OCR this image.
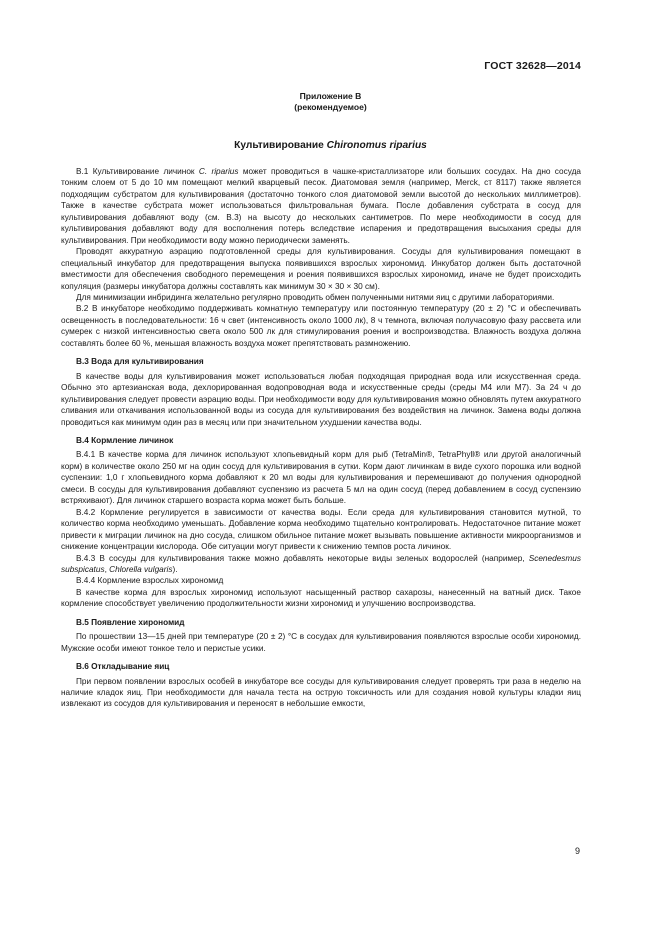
ГОСТ 32628—2014
Приложение В
(рекомендуемое)
Культивирование Chironomus riparius

В.1 Культивирование личинок C. riparius может проводиться в чашке-кристаллизаторе или больших сосудах. На дно сосуда тонким слоем от 5 до 10 мм помещают мелкий кварцевый песок. Диатомовая земля (например, Merck, ст 8117) также является подходящим субстратом для культивирования (достаточно тонкого слоя диатомовой земли высотой до нескольких миллиметров). Также в качестве субстрата может использоваться фильтровальная бумага. После добавления субстрата в сосуд для культивирования добавляют воду (см. В.3) на высоту до нескольких сантиметров. По мере необходимости в сосуд для культивирования добавляют воду для восполнения потерь вследствие испарения и предотвращения высыхания среды для культивирования. При необходимости воду можно периодически заменять.

Проводят аккуратную аэрацию подготовленной среды для культивирования. Сосуды для культивирования помещают в специальный инкубатор для предотвращения выпуска появившихся взрослых хирономид. Инкубатор должен быть достаточной вместимости для обеспечения свободного перемещения и роения появившихся взрослых хирономид, иначе не будет происходить копуляция (размеры инкубатора должны составлять как минимум 30 × 30 × 30 см).

Для минимизации инбридинга желательно регулярно проводить обмен полученными нитями яиц с другими лабораториями.

В.2 В инкубаторе необходимо поддерживать комнатную температуру или постоянную температуру (20 ± 2) °С и обеспечивать освещенность в последовательности: 16 ч свет (интенсивность около 1000 лк), 8 ч темнота, включая получасовую фазу рассвета или сумерек с низкой интенсивностью света около 500 лк для стимулирования роения и воспроизводства. Влажность воздуха должна составлять более 60 %, меньшая влажность воздуха может препятствовать размножению.

В.3 Вода для культивирования

В качестве воды для культивирования может использоваться любая подходящая природная вода или искусственная среда. Обычно это артезианская вода, дехлорированная водопроводная вода и искусственные среды (среды М4 или М7). За 24 ч до культивирования следует провести аэрацию воды. При необходимости воду для культивирования можно обновлять путем аккуратного сливания или откачивания использованной воды из сосуда для культивирования без воздействия на личинок. Замена воды должна проводиться как минимум один раз в месяц или при значительном ухудшении качества воды.

В.4 Кормление личинок

В.4.1 В качестве корма для личинок используют хлопьевидный корм для рыб (TetraMin®, TetraPhyll® или другой аналогичный корм) в количестве около 250 мг на один сосуд для культивирования в сутки. Корм дают личинкам в виде сухого порошка или водной суспензии: 1,0 г хлопьевидного корма добавляют к 20 мл воды для культивирования и перемешивают до получения однородной смеси. В сосуды для культивирования добавляют суспензию из расчета 5 мл на один сосуд (перед добавлением в сосуд суспензию встряхивают). Для личинок старшего возраста корма может быть больше.

В.4.2 Кормление регулируется в зависимости от качества воды. Если среда для культивирования становится мутной, то количество корма необходимо уменьшать. Добавление корма необходимо тщательно контролировать. Недостаточное питание может привести к миграции личинок на дно сосуда, слишком обильное питание может вызывать повышение активности микроорганизмов и снижение концентрации кислорода. Обе ситуации могут привести к снижению темпов роста личинок.

В.4.3 В сосуды для культивирования также можно добавлять некоторые виды зеленых водорослей (например, Scenedesmus subspicatus, Chlorella vulgaris).

В.4.4 Кормление взрослых хирономид

В качестве корма для взрослых хирономид используют насыщенный раствор сахарозы, нанесенный на ватный диск. Такое кормление способствует увеличению продолжительности жизни хирономид и улучшению воспроизводства.

В.5 Появление хирономид

По прошествии 13—15 дней при температуре (20 ± 2) °С в сосудах для культивирования появляются взрослые особи хирономид. Мужские особи имеют тонкое тело и перистые усики.

В.6 Откладывание яиц

При первом появлении взрослых особей в инкубаторе все сосуды для культивирования следует проверять три раза в неделю на наличие кладок яиц. При необходимости для начала теста на острую токсичность или для создания новой культуры кладки яиц извлекают из сосудов для культивирования и переносят в небольшие емкости,

9
